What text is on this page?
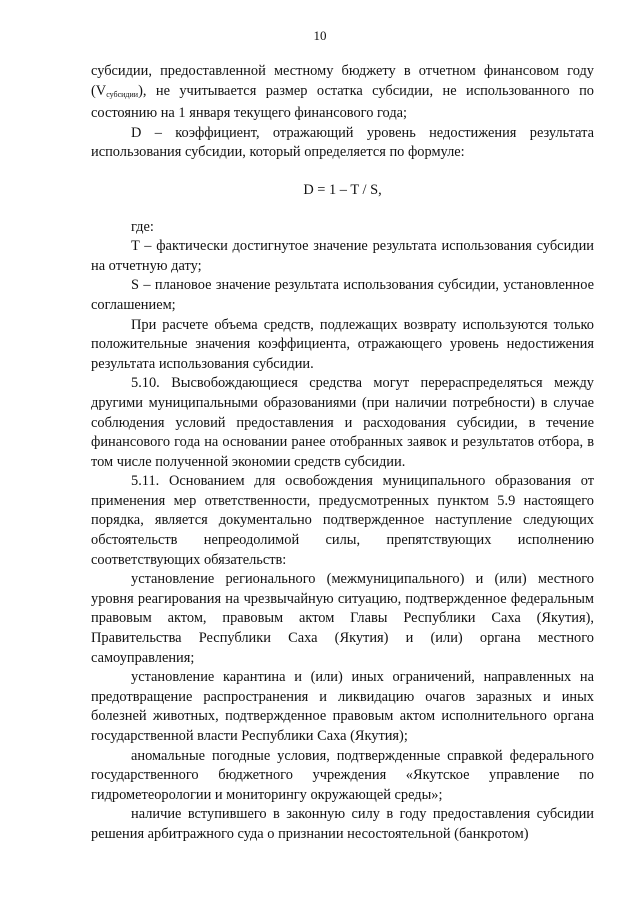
10

субсидии, предоставленной местному бюджету в отчетном финансовом году $(V_{субсидии})$, не учитывается размер остатка субсидии, не использованного по состоянию на 1 января текущего финансового года;

D – коэффициент, отражающий уровень недостижения результата использования субсидии, который определяется по формуле:

D = 1 – T / S,

где:

T – фактически достигнутое значение результата использования субсидии на отчетную дату;

S – плановое значение результата использования субсидии, установленное соглашением;

При расчете объема средств, подлежащих возврату используются только положительные значения коэффициента, отражающего уровень недостижения результата использования субсидии.

5.10. Высвобождающиеся средства могут перераспределяться между другими муниципальными образованиями (при наличии потребности) в случае соблюдения условий предоставления и расходования субсидии, в течение финансового года на основании ранее отобранных заявок и результатов отбора, в том числе полученной экономии средств субсидии.

5.11. Основанием для освобождения муниципального образования от применения мер ответственности, предусмотренных пунктом 5.9 настоящего порядка, является документально подтвержденное наступление следующих обстоятельств непреодолимой силы, препятствующих исполнению соответствующих обязательств:

установление регионального (межмуниципального) и (или) местного уровня реагирования на чрезвычайную ситуацию, подтвержденное федеральным правовым актом, правовым актом Главы Республики Саха (Якутия), Правительства Республики Саха (Якутия) и (или) органа местного самоуправления;

установление карантина и (или) иных ограничений, направленных на предотвращение распространения и ликвидацию очагов заразных и иных болезней животных, подтвержденное правовым актом исполнительного органа государственной власти Республики Саха (Якутия);

аномальные погодные условия, подтвержденные справкой федерального государственного бюджетного учреждения «Якутское управление по гидрометеорологии и мониторингу окружающей среды»;

наличие вступившего в законную силу в году предоставления субсидии решения арбитражного суда о признании несостоятельной (банкротом)
